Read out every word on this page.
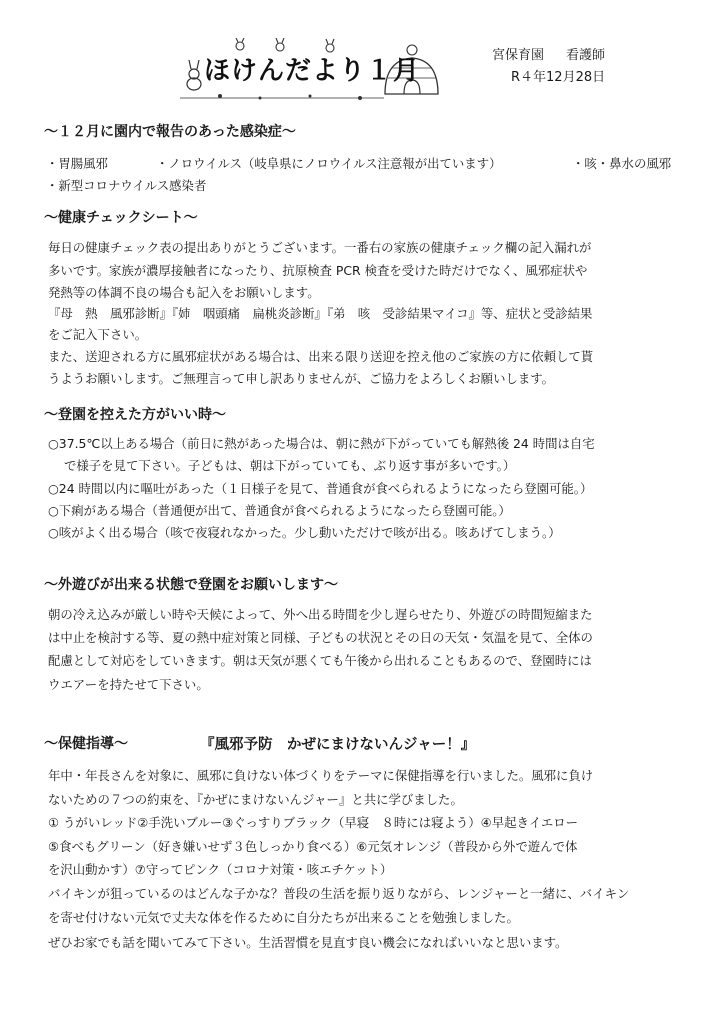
ほけんだより１月
宮保育園 看護師
R４年12月28日
～１２月に園内で報告のあった感染症～
・胃腸風邪	・ノロウイルス（岐阜県にノロウイルス注意報が出ています）	・咳・鼻水の風邪
・新型コロナウイルス感染者
～健康チェックシート～
毎日の健康チェック表の提出ありがとうございます。一番右の家族の健康チェック欄の記入漏れが
多いです。家族が濃厚接触者になったり、抗原検査 PCR 検査を受けた時だけでなく、風邪症状や
発熱等の体調不良の場合も記入をお願いします。
『母　熱　風邪診断』『姉　咽頭痛　扁桃炎診断』『弟　咳　受診結果マイコ』等、症状と受診結果
をご記入下さい。
また、送迎される方に風邪症状がある場合は、出来る限り送迎を控え他のご家族の方に依頼して貰
うようお願いします。ご無理言って申し訳ありませんが、ご協力をよろしくお願いします。
～登園を控えた方がいい時～
○37.5℃以上ある場合（前日に熱があった場合は、朝に熱が下がっていても解熱後 24 時間は自宅
で様子を見て下さい。子どもは、朝は下がっていても、ぶり返す事が多いです。）
○24 時間以内に嘔吐があった（１日様子を見て、普通食が食べられるようになったら登園可能。）
○下痢がある場合（普通便が出て、普通食が食べられるようになったら登園可能。）
○咳がよく出る場合（咳で夜寝れなかった。少し動いただけで咳が出る。咳あげてしまう。）
～外遊びが出来る状態で登園をお願いします～
朝の冷え込みが厳しい時や天候によって、外へ出る時間を少し遅らせたり、外遊びの時間短縮また
は中止を検討する等、夏の熱中症対策と同様、子どもの状況とその日の天気・気温を見て、全体の
配慮として対応をしていきます。朝は天気が悪くても午後から出れることもあるので、登園時には
ウエアーを持たせて下さい。
～保健指導～	『風邪予防　かぜにまけないんジャー！』
年中・年長さんを対象に、風邪に負けない体づくりをテーマに保健指導を行いました。風邪に負け
ないための７つの約束を、『かぜにまけないんジャー』と共に学びました。
① うがいレッド②手洗いブルー③ぐっすりブラック（早寝　８時には寝よう）④早起きイエロー
⑤食べもグリーン（好き嫌いせず３色しっかり食べる）⑥元気オレンジ（普段から外で遊んで体
を沢山動かす）⑦守ってピンク（コロナ対策・咳エチケット）
バイキンが狙っているのはどんな子かな？普段の生活を振り返りながら、レンジャーと一緒に、バイキン
を寄せ付けない元気で丈夫な体を作るために自分たちが出来ることを勉強しました。
ぜひお家でも話を聞いてみて下さい。生活習慣を見直す良い機会になればいいなと思います。
